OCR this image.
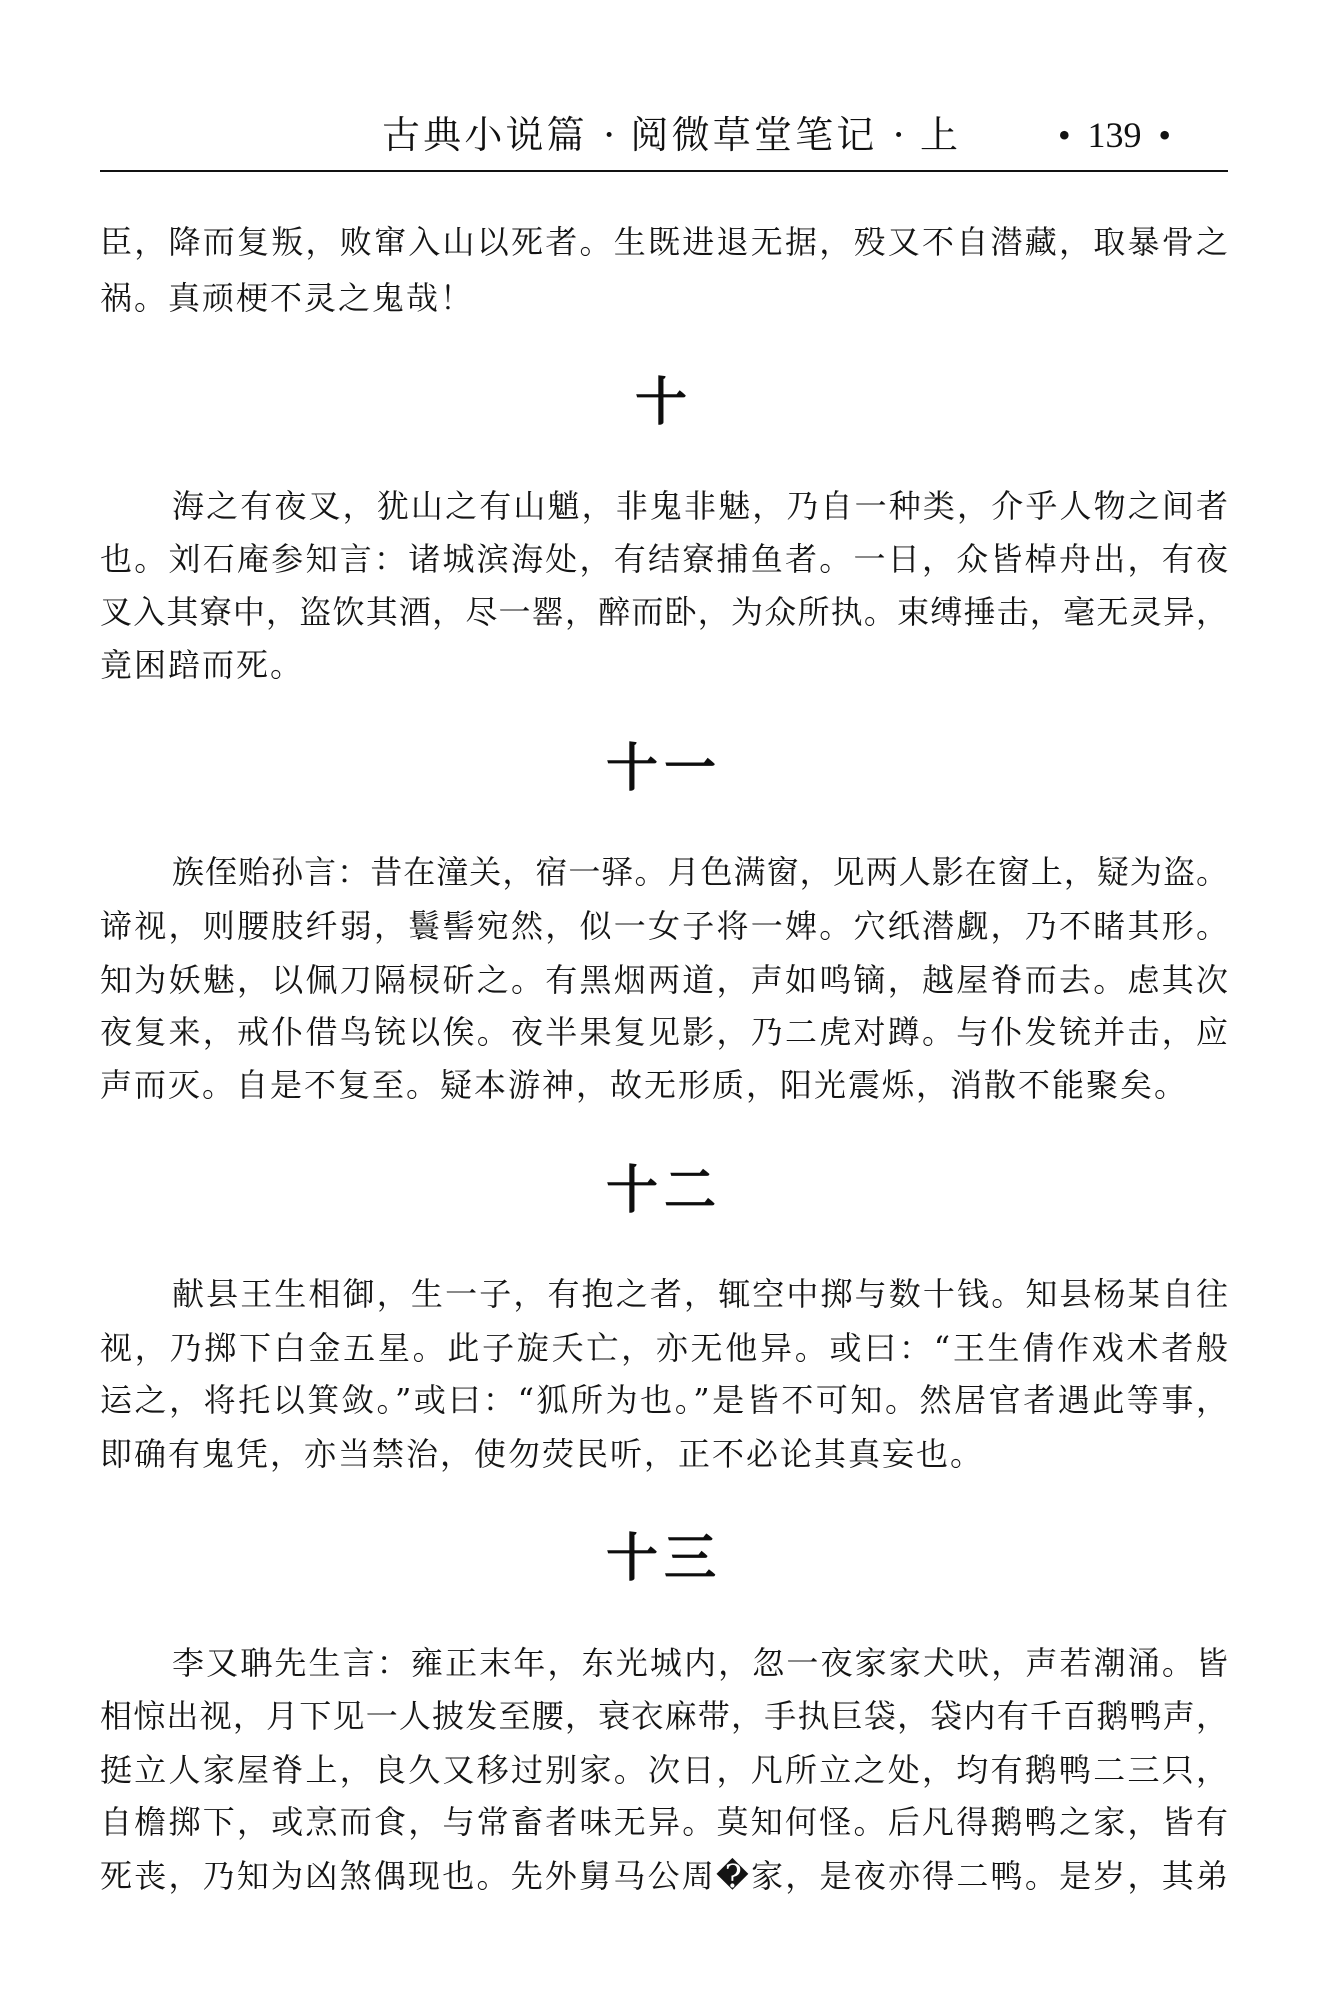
古典小说篇 · 阅微草堂笔记 · 上	• 139 •
臣，降而复叛，败窜入山以死者。生既进退无据，殁又不自潜藏，取暴骨之
祸。真顽梗不灵之鬼哉！
十
海之有夜叉，犹山之有山魈，非鬼非魅，乃自一种类，介乎人物之间者
也。刘石庵参知言：诸城滨海处，有结寮捕鱼者。一日，众皆棹舟出，有夜
叉入其寮中，盗饮其酒，尽一罂，醉而卧，为众所执。束缚捶击，毫无灵异，
竟困踣而死。
十一
族侄贻孙言：昔在潼关，宿一驿。月色满窗，见两人影在窗上，疑为盗。
谛视，则腰肢纤弱，鬟髻宛然，似一女子将一婢。穴纸潜觑，乃不睹其形。
知为妖魅，以佩刀隔棂斫之。有黑烟两道，声如鸣镝，越屋脊而去。虑其次
夜复来，戒仆借鸟铳以俟。夜半果复见影，乃二虎对蹲。与仆发铳并击，应
声而灭。自是不复至。疑本游神，故无形质，阳光震烁，消散不能聚矣。
十二
献县王生相御，生一子，有抱之者，辄空中掷与数十钱。知县杨某自往
视，乃掷下白金五星。此子旋夭亡，亦无他异。或曰：“王生倩作戏术者般
运之，将托以箕敛。”或曰：“狐所为也。”是皆不可知。然居官者遇此等事，
即确有鬼凭，亦当禁治，使勿荧民听，正不必论其真妄也。
十三
李又聃先生言：雍正末年，东光城内，忽一夜家家犬吠，声若潮涌。皆
相惊出视，月下见一人披发至腰，衰衣麻带，手执巨袋，袋内有千百鹅鸭声，
挺立人家屋脊上，良久又移过别家。次日，凡所立之处，均有鹅鸭二三只，
自檐掷下，或烹而食，与常畜者味无异。莫知何怪。后凡得鹅鸭之家，皆有
死丧，乃知为凶煞偶现也。先外舅马公周�家，是夜亦得二鸭。是岁，其弟
